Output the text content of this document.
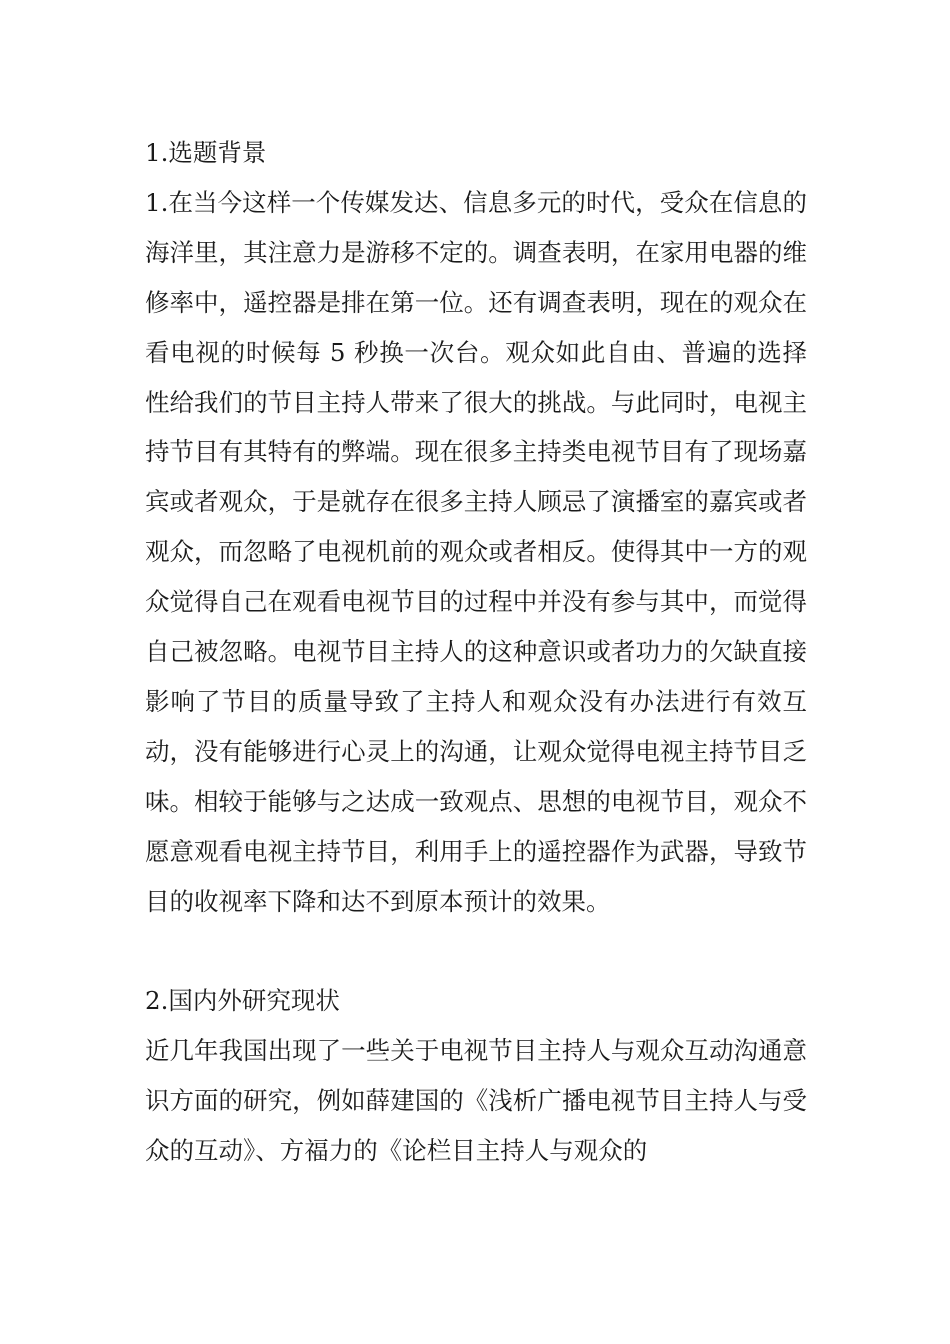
1.选题背景

1.在当今这样一个传媒发达、信息多元的时代，受众在信息的海洋里，其注意力是游移不定的。调查表明，在家用电器的维修率中，遥控器是排在第一位。还有调查表明，现在的观众在看电视的时候每 5 秒换一次台。观众如此自由、普遍的选择性给我们的节目主持人带来了很大的挑战。与此同时，电视主持节目有其特有的弊端。现在很多主持类电视节目有了现场嘉宾或者观众，于是就存在很多主持人顾忌了演播室的嘉宾或者观众，而忽略了电视机前的观众或者相反。使得其中一方的观众觉得自己在观看电视节目的过程中并没有参与其中，而觉得自己被忽略。电视节目主持人的这种意识或者功力的欠缺直接影响了节目的质量导致了主持人和观众没有办法进行有效互动，没有能够进行心灵上的沟通，让观众觉得电视主持节目乏味。相较于能够与之达成一致观点、思想的电视节目，观众不愿意观看电视主持节目，利用手上的遥控器作为武器，导致节目的收视率下降和达不到原本预计的效果。

2.国内外研究现状

近几年我国出现了一些关于电视节目主持人与观众互动沟通意识方面的研究，例如薛建国的《浅析广播电视节目主持人与受众的互动》、方福力的《论栏目主持人与观众的
